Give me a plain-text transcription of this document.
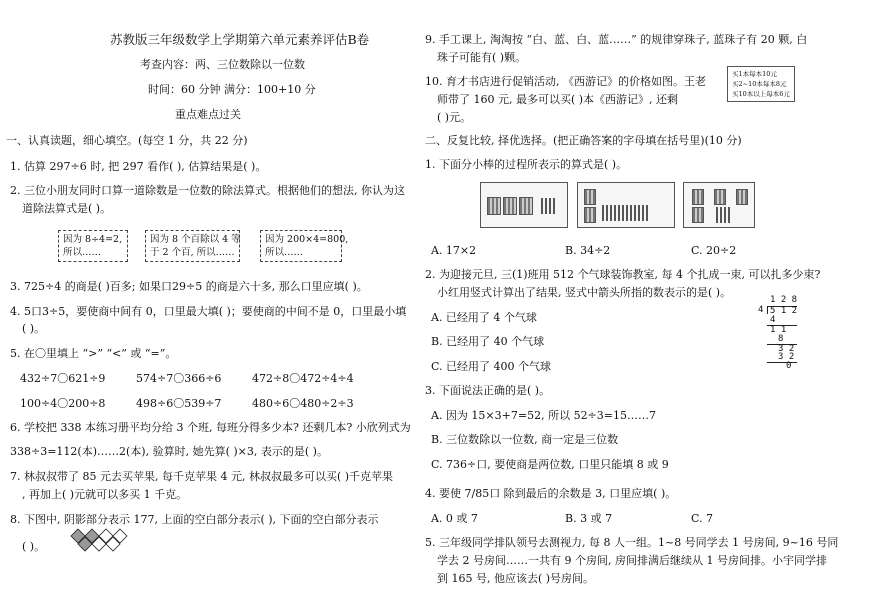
苏教版三年级数学上学期第六单元素养评估B卷
考查内容：两、三位数除以一位数
时间：60 分钟 满分：100+10 分
重点难点过关
一、认真读题，细心填空。(每空 1 分，共 22 分)
1. 估算 297÷6 时, 把 297 看作( ), 估算结果是( )。
2. 三位小朋友同时口算一道除数是一位数的除法算式。根据他们的想法, 你认为这
道除法算式是( )。
因为 8÷4=2,
所以……
因为 8 个百除以 4 等
于 2 个百, 所以……
因为 200×4=800,
所以……
3. 725÷4 的商是( )百多; 如果口29÷5 的商是六十多, 那么口里应填( )。
4. 5口3÷5，要使商中间有 0，口里最大填( )；要使商的中间不是 0，口里最小填
( )。
5. 在〇里填上 “>” “<” 或 “=”。
432÷7〇621÷9	574÷7〇366÷6	472÷8〇472÷4÷4
100÷4〇200÷8	498÷6〇539÷7	480÷6〇480÷2÷3
6. 学校把 338 本练习册平均分给 3 个班, 每班分得多少本? 还剩几本? 小欣列式为
338÷3=112(本)……2(本), 验算时, 她先算( )×3, 表示的是( )。
7. 林叔叔带了 85 元去买苹果, 每千克苹果 4 元, 林叔叔最多可以买( )千克苹果
, 再加上( )元就可以多买 1 千克。
8. 下图中, 阴影部分表示 177, 上面的空白部分表示( ), 下面的空白部分表示
( )。
9. 手工课上, 淘淘按 “白、蓝、白、蓝……” 的规律穿珠子, 蓝珠子有 20 颗, 白
珠子可能有( )颗。
10. 育才书店进行促销活动, 《西游记》的价格如图。王老
师带了 160 元, 最多可以买( )本《西游记》, 还剩
( )元。
买1本每本10元
买2~10本每本8元
买10本以上每本6元
二、反复比较, 择优选择。(把正确答案的字母填在括号里)(10 分)
1. 下面分小棒的过程所表示的算式是( )。
A. 17×2	B. 34÷2	C. 20÷2
2. 为迎接元旦, 三(1)班用 512 个气球装饰教室, 每 4 个扎成一束, 可以扎多少束?
小红用竖式计算出了结果, 竖式中箭头所指的数表示的是( )。
A. 已经用了 4 个气球
B. 已经用了 40 个气球
C. 已经用了 400 个气球
1 2 8
4 5 1 2
4
1 1
8
3 2
3 2
0
3. 下面说法正确的是( )。
A. 因为 15×3+7=52, 所以 52÷3=15……7
B. 三位数除以一位数, 商一定是三位数
C. 736÷口, 要使商是两位数, 口里只能填 8 或 9
4. 要使 7/85口 除到最后的余数是 3, 口里应填( )。
A. 0 或 7	B. 3 或 7	C. 7
5. 三年级同学排队领号去测视力, 每 8 人一组。1~8 号同学去 1 号房间, 9~16 号同
学去 2 号房间……一共有 9 个房间, 房间排满后继续从 1 号房间排。小宇同学排
到 165 号, 他应该去( )号房间。
